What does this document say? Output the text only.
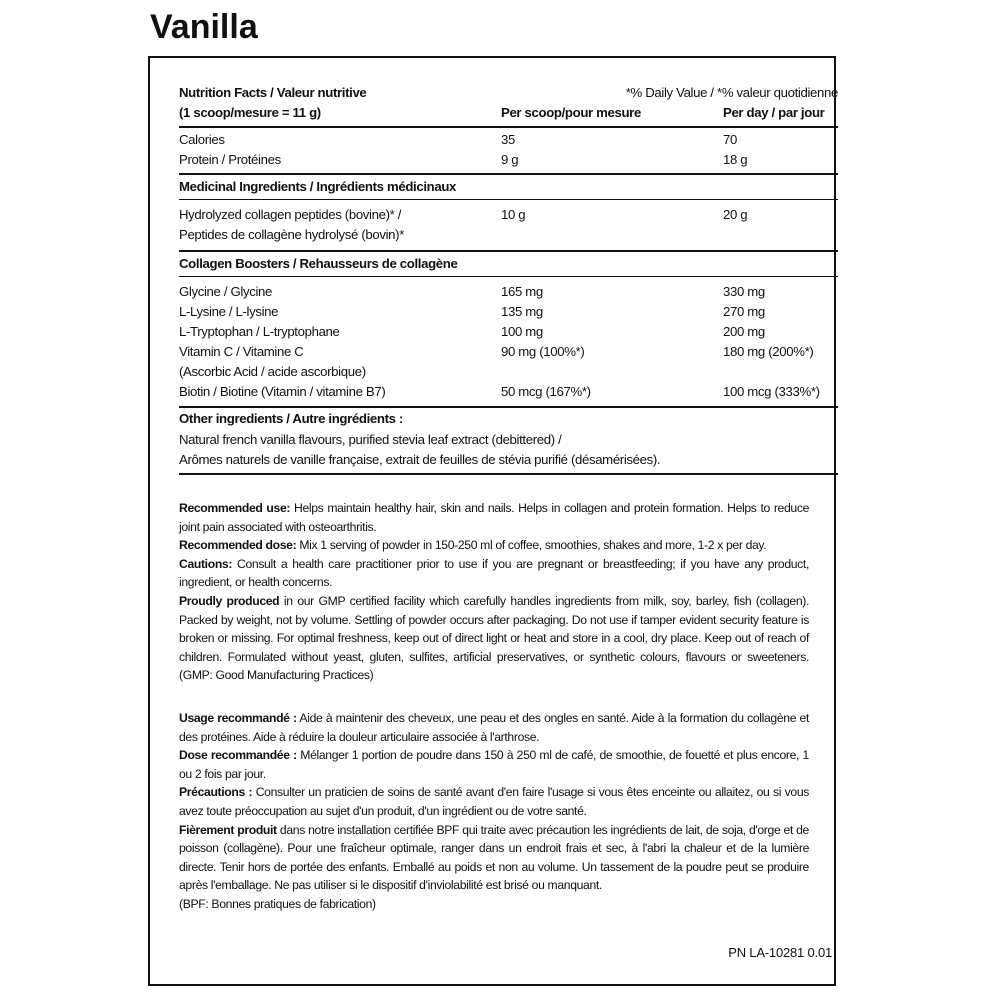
Vanilla
Nutrition Facts / Valeur nutritive	*% Daily Value / *% valeur quotidienne
(1 scoop/mesure = 11 g)	Per scoop/pour mesure	Per day / par jour
Calories	35	70
Protein / Protéines	9 g	18 g
Medicinal Ingredients / Ingrédients médicinaux
Hydrolyzed collagen peptides (bovine)* /	10 g	20 g
Peptides de collagène hydrolysé (bovin)*
Collagen Boosters / Rehausseurs de collagène
Glycine / Glycine	165 mg	330 mg
L-Lysine / L-lysine	135 mg	270 mg
L-Tryptophan / L-tryptophane	100 mg	200 mg
Vitamin C / Vitamine C	90 mg (100%*)	180 mg (200%*)
(Ascorbic Acid / acide ascorbique)
Biotin / Biotine (Vitamin / vitamine B7)	50 mcg (167%*)	100 mcg (333%*)
Other ingredients / Autre ingrédients :
Natural french vanilla flavours, purified stevia leaf extract (debittered) /
Arômes naturels de vanille française, extrait de feuilles de stévia purifié (désamérisées).

Recommended use: Helps maintain healthy hair, skin and nails. Helps in collagen and protein formation. Helps to reduce joint pain associated with osteoarthritis.

Recommended dose: Mix 1 serving of powder in 150-250 ml of coffee, smoothies, shakes and more, 1-2 x per day.

Cautions: Consult a health care practitioner prior to use if you are pregnant or breastfeeding; if you have any product, ingredient, or health concerns.

Proudly produced in our GMP certified facility which carefully handles ingredients from milk, soy, barley, fish (collagen). Packed by weight, not by volume. Settling of powder occurs after packaging. Do not use if tamper evident security feature is broken or missing. For optimal freshness, keep out of direct light or heat and store in a cool, dry place. Keep out of reach of children. Formulated without yeast, gluten, sulfites, artificial preservatives, or synthetic colours, flavours or sweeteners. (GMP: Good Manufacturing Practices)

Usage recommandé : Aide à maintenir des cheveux, une peau et des ongles en santé. Aide à la formation du collagène et des protéines. Aide à réduire la douleur articulaire associée à l'arthrose.

Dose recommandée : Mélanger 1 portion de poudre dans 150 à 250 ml de café, de smoothie, de fouetté et plus encore, 1 ou 2 fois par jour.

Précautions : Consulter un praticien de soins de santé avant d'en faire l'usage si vous êtes enceinte ou allaitez, ou si vous avez toute préoccupation au sujet d'un produit, d'un ingrédient ou de votre santé.

Fièrement produit dans notre installation certifiée BPF qui traite avec précaution les ingrédients de lait, de soja, d'orge et de poisson (collagène). Pour une fraîcheur optimale, ranger dans un endroit frais et sec, à l'abri la chaleur et de la lumière directe. Tenir hors de portée des enfants. Emballé au poids et non au volume. Un tassement de la poudre peut se produire après l'emballage. Ne pas utiliser si le dispositif d'inviolabilité est brisé ou manquant.

(BPF: Bonnes pratiques de fabrication)

PN LA-10281 0.01
